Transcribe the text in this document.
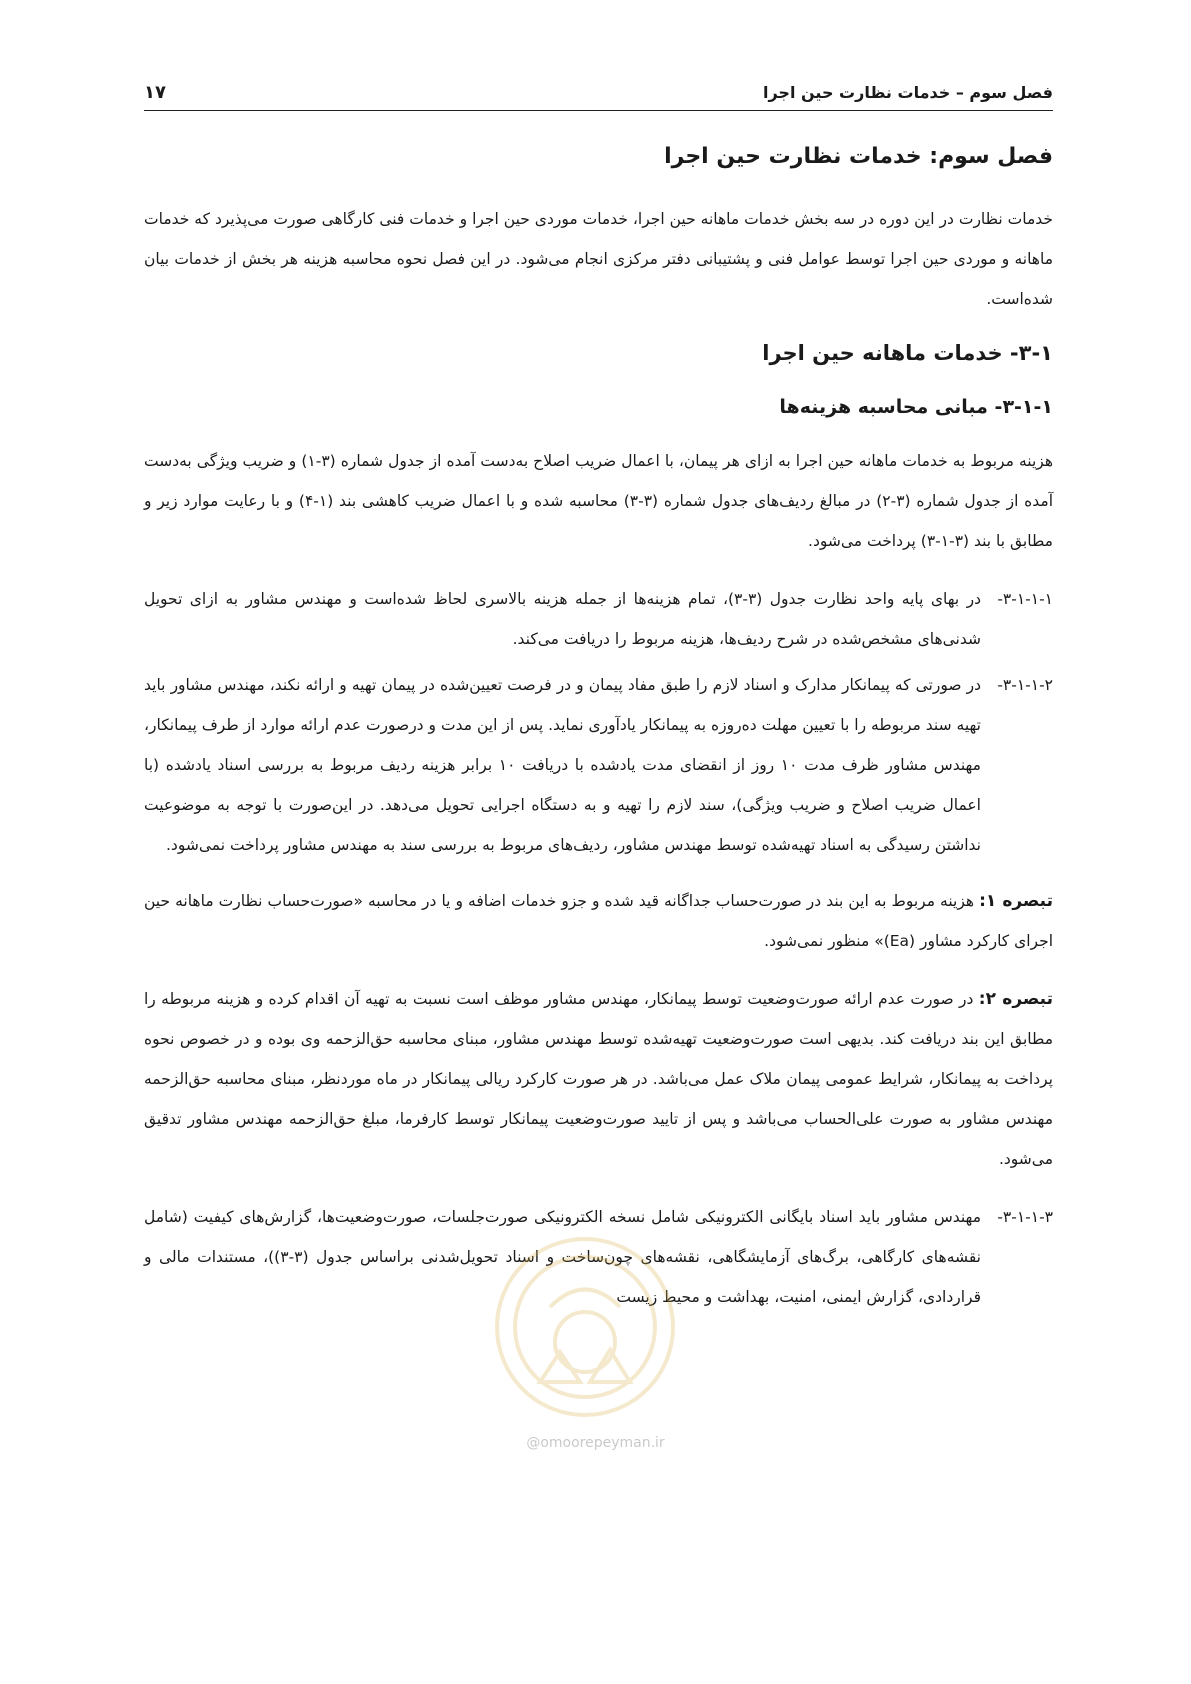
فصل سوم – خدمات نظارت حین اجرا
۱۷
فصل سوم: خدمات نظارت حین اجرا

خدمات نظارت در این دوره در سه بخش خدمات ماهانه حین اجرا، خدمات موردی حین اجرا و خدمات فنی کارگاهی صورت می‌پذیرد که خدمات ماهانه و موردی حین اجرا توسط عوامل فنی و پشتیبانی دفتر مرکزی انجام می‌شود. در این فصل نحوه محاسبه هزینه هر بخش از خدمات بیان شده‌است.

۳-۱- خدمات ماهانه حین اجرا
۳-۱-۱- مبانی محاسبه هزینه‌ها

هزینه مربوط به خدمات ماهانه حین اجرا به ازای هر پیمان، با اعمال ضریب اصلاح به‌دست آمده از جدول شماره (۳-۱) و ضریب ویژگی به‌دست آمده از جدول شماره (۳-۲) در مبالغ ردیف‌های جدول شماره (۳-۳) محاسبه شده و با اعمال ضریب کاهشی بند (۱-۴) و با رعایت موارد زیر و مطابق با بند (۳-۱-۳) پرداخت می‌شود.

۳-۱-۱-۱-
در بهای پایه واحد نظارت جدول (۳-۳)، تمام هزینه‌ها از جمله هزینه بالاسری لحاظ شده‌است و مهندس مشاور به ازای تحویل شدنی‌های مشخص‌شده در شرح ردیف‌ها، هزینه مربوط را دریافت می‌کند.
۳-۱-۱-۲-
در صورتی که پیمانکار مدارک و اسناد لازم را طبق مفاد پیمان و در فرصت تعیین‌شده در پیمان تهیه و ارائه نکند، مهندس مشاور باید تهیه سند مربوطه را با تعیین مهلت ده‌روزه به پیمانکار یادآوری نماید. پس از این مدت و درصورت عدم ارائه موارد از طرف پیمانکار، مهندس مشاور ظرف مدت ۱۰ روز از انقضای مدت یادشده با دریافت ۱۰ برابر هزینه ردیف مربوط به بررسی اسناد یادشده (با اعمال ضریب اصلاح و ضریب ویژگی)، سند لازم را تهیه و به دستگاه اجرایی تحویل می‌دهد. در این‌صورت با توجه به موضوعیت نداشتن رسیدگی به اسناد تهیه‌شده توسط مهندس مشاور، ردیف‌های مربوط به بررسی سند به مهندس مشاور پرداخت نمی‌شود.
تبصره ۱: هزینه مربوط به این بند در صورت‌حساب جداگانه قید شده و جزو خدمات اضافه و یا در محاسبه «صورت‌حساب نظارت ماهانه حین اجرای کارکرد مشاور (Ea)» منظور نمی‌شود.
تبصره ۲: در صورت عدم ارائه صورت‌وضعیت توسط پیمانکار، مهندس مشاور موظف است نسبت به تهیه آن اقدام کرده و هزینه مربوطه را مطابق این بند دریافت کند. بدیهی است صورت‌وضعیت تهیه‌شده توسط مهندس مشاور، مبنای محاسبه حق‌الزحمه وی بوده و در خصوص نحوه پرداخت به پیمانکار، شرایط عمومی پیمان ملاک عمل می‌باشد. در هر صورت کارکرد ریالی پیمانکار در ماه موردنظر، مبنای محاسبه حق‌الزحمه مهندس مشاور به صورت علی‌الحساب می‌باشد و پس از تایید صورت‌وضعیت پیمانکار توسط کارفرما، مبلغ حق‌الزحمه مهندس مشاور تدقیق می‌شود.
۳-۱-۱-۳-
مهندس مشاور باید اسناد بایگانی الکترونیکی شامل نسخه الکترونیکی صورت‌جلسات، صورت‌وضعیت‌ها، گزارش‌های کیفیت (شامل نقشه‌های کارگاهی، برگ‌های آزمایشگاهی، نقشه‌های چون‌ساخت و اسناد تحویل‌شدنی براساس جدول (۳-۳))، مستندات مالی و قراردادی، گزارش ایمنی، امنیت، بهداشت و محیط زیست
@omoorepeyman.ir
